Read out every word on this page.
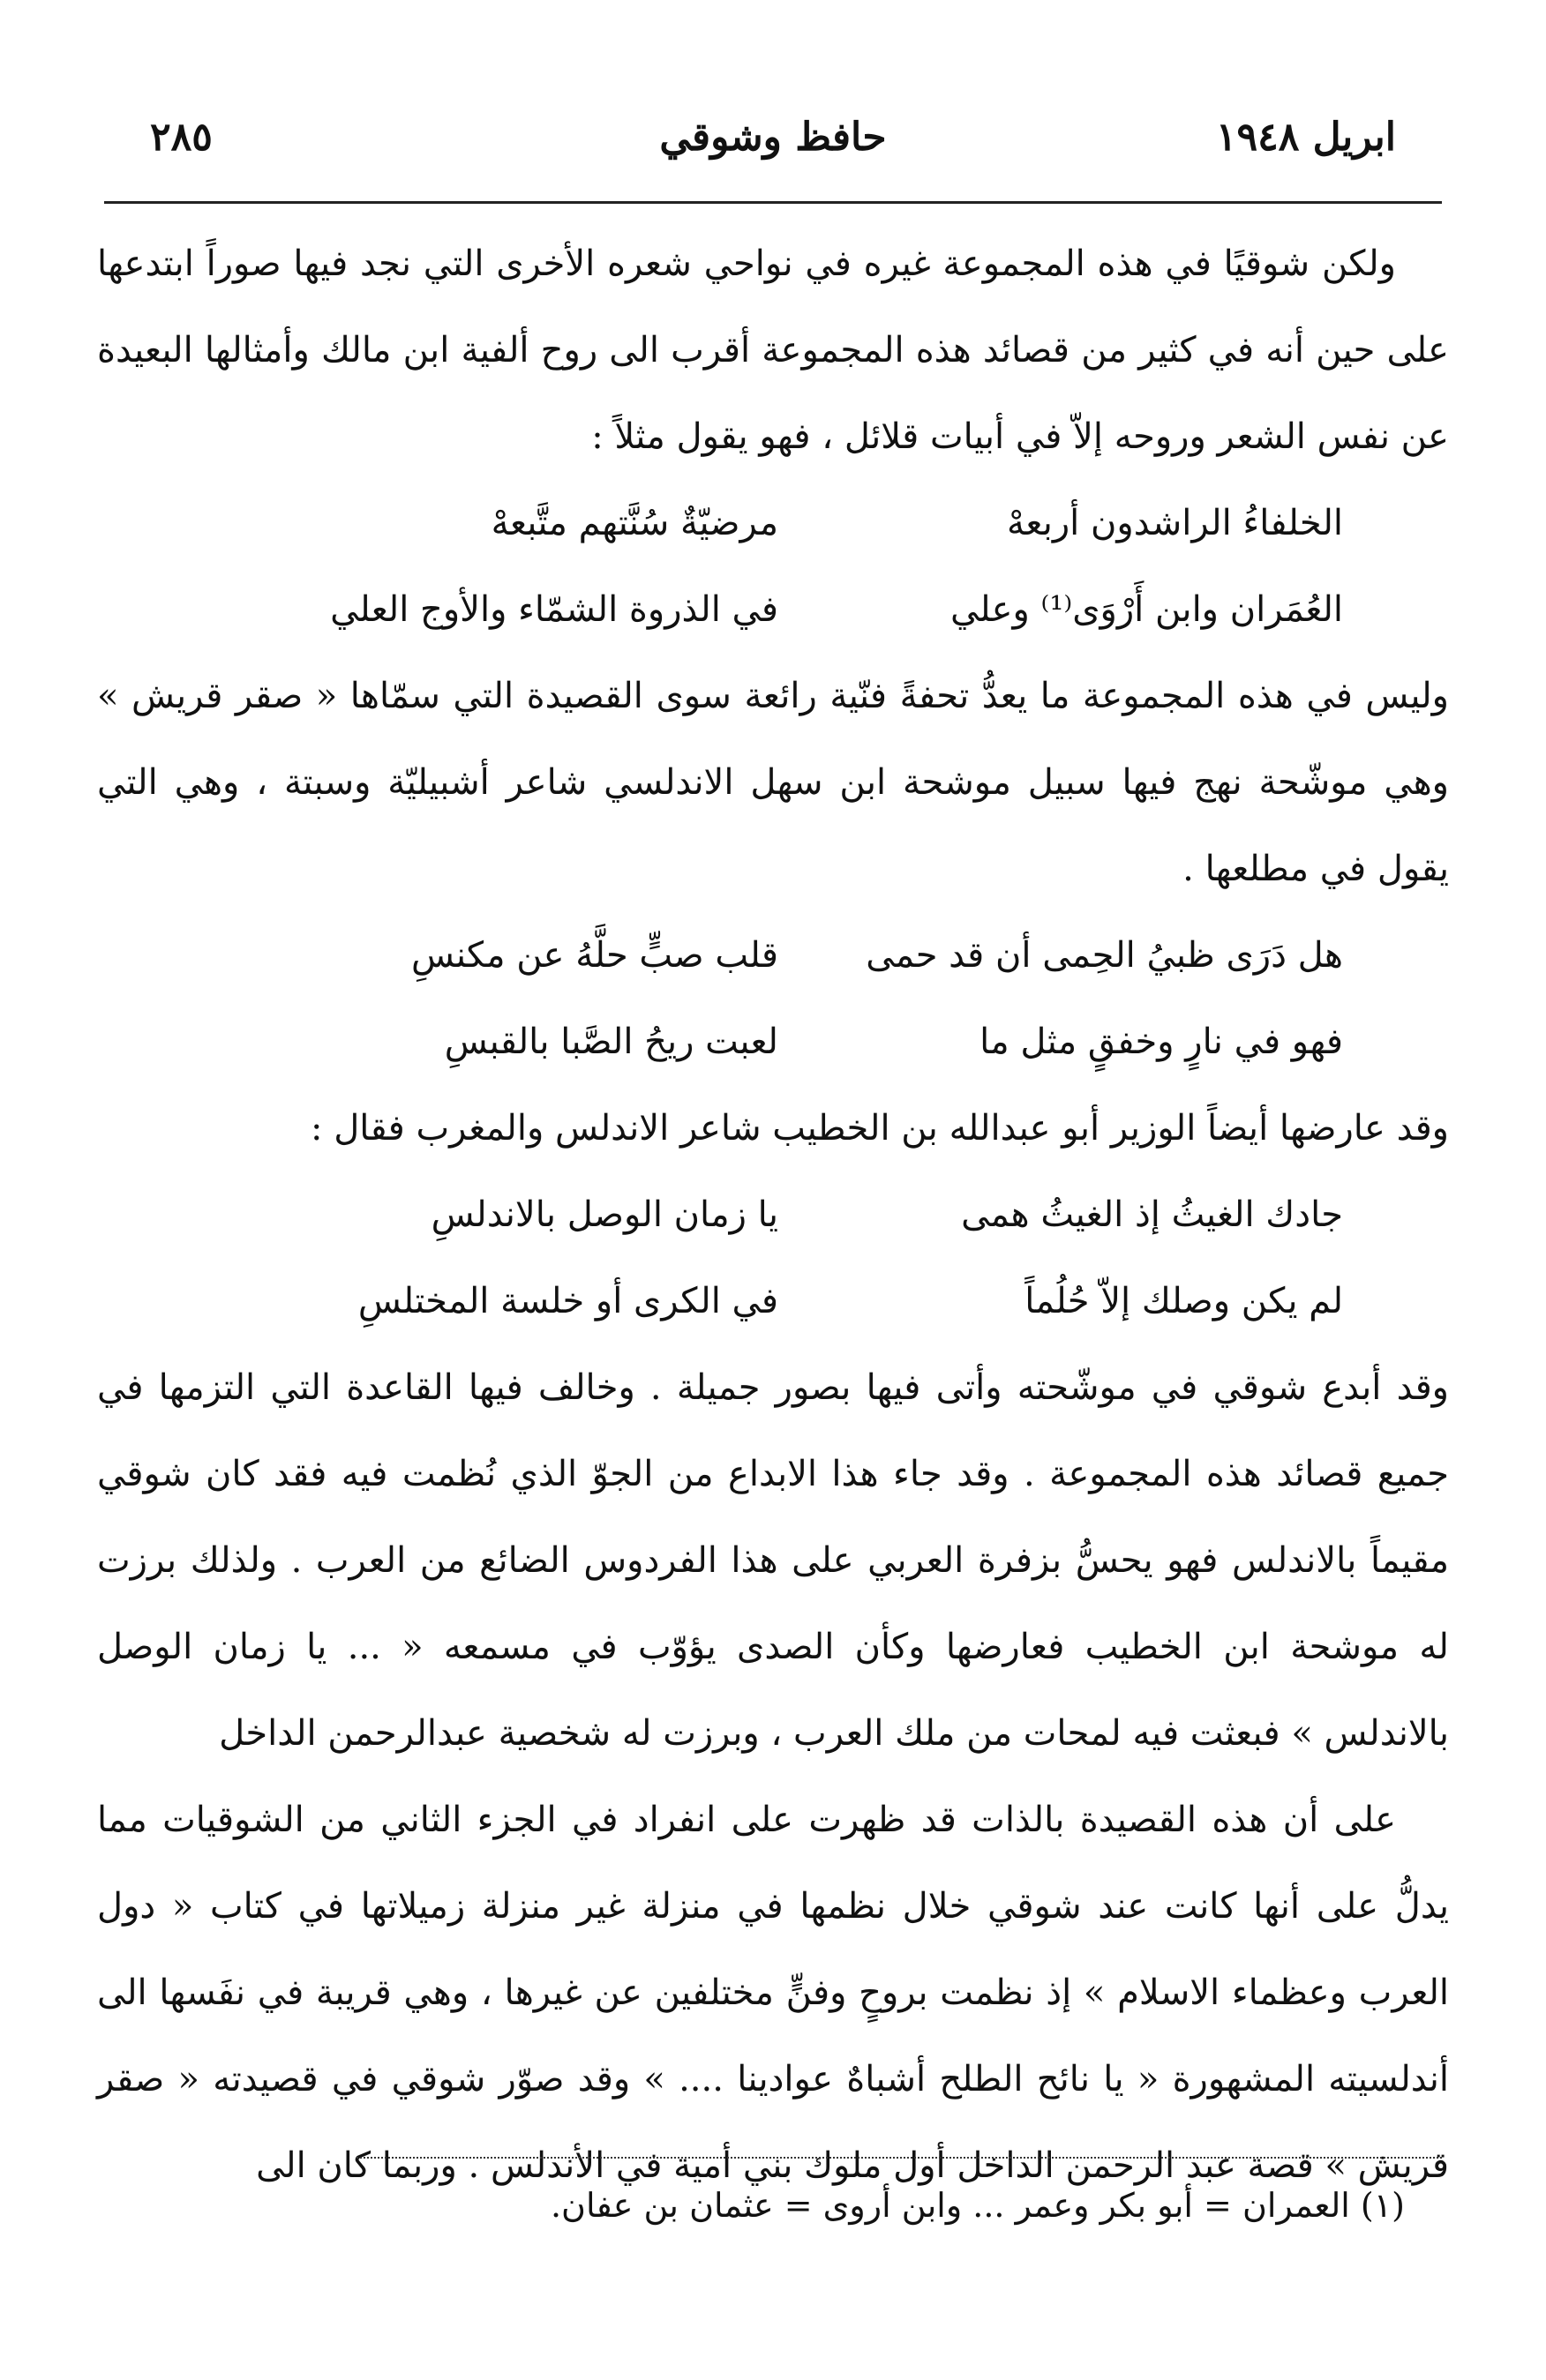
ابريل ١٩٤٨
حافظ وشوقي
٢٨٥

ولكن شوقيًا في هذه المجموعة غيره في نواحي شعره الأخرى التي نجد فيها صوراً ابتدعها على حين أنه في كثير من قصائد هذه المجموعة أقرب الى روح ألفية ابن مالك وأمثالها البعيدة عن نفس الشعر وروحه إلاّ في أبيات قلائل ، فهو يقول مثلاً :

الخلفاءُ الراشدون أربعهْ
مرضيّةٌ سُنَّتهم متَّبعهْ
العُمَران وابن أَرْوَى⁽¹⁾ وعلي
في الذروة الشمّاء والأوج العلي

وليس في هذه المجموعة ما يعدُّ تحفةً فنّية رائعة سوى القصيدة التي سمّاها « صقر قريش » وهي موشّحة نهج فيها سبيل موشحة ابن سهل الاندلسي شاعر أشبيليّة وسبتة ، وهي التي يقول في مطلعها .

هل دَرَى ظبيُ الحِمى أن قد حمى
قلب صبٍّ حلَّهُ عن مكنسِ
فهو في نارٍ وخفقٍ مثل ما
لعبت ريحُ الصَّبا بالقبسِ

وقد عارضها أيضاً الوزير أبو عبدالله بن الخطيب شاعر الاندلس والمغرب فقال :

جادك الغيثُ إذ الغيثُ همى
يا زمان الوصل بالاندلسِ
لم يكن وصلك إلاّ حُلُماً
في الكرى أو خلسة المختلسِ

وقد أبدع شوقي في موشّحته وأتى فيها بصور جميلة . وخالف فيها القاعدة التي التزمها في جميع قصائد هذه المجموعة . وقد جاء هذا الابداع من الجوّ الذي نُظمت فيه فقد كان شوقي مقيماً بالاندلس فهو يحسُّ بزفرة العربي على هذا الفردوس الضائع من العرب . ولذلك برزت له موشحة ابن الخطيب فعارضها وكأن الصدى يؤوّب في مسمعه « ... يا زمان الوصل بالاندلس » فبعثت فيه لمحات من ملك العرب ، وبرزت له شخصية عبدالرحمن الداخل

على أن هذه القصيدة بالذات قد ظهرت على انفراد في الجزء الثاني من الشوقيات مما يدلُّ على أنها كانت عند شوقي خلال نظمها في منزلة غير منزلة زميلاتها في كتاب « دول العرب وعظماء الاسلام » إذ نظمت بروحٍ وفنٍّ مختلفين عن غيرها ، وهي قريبة في نفَسها الى أندلسيته المشهورة « يا نائح الطلح أشباهٌ عوادينا .... » وقد صوّر شوقي في قصيدته « صقر قريش » قصة عبد الرحمن الداخل أول ملوك بني أمية في الأندلس . وربما كان الى

(١) العمران = أبو بكر وعمر ... وابن أروى = عثمان بن عفان.
